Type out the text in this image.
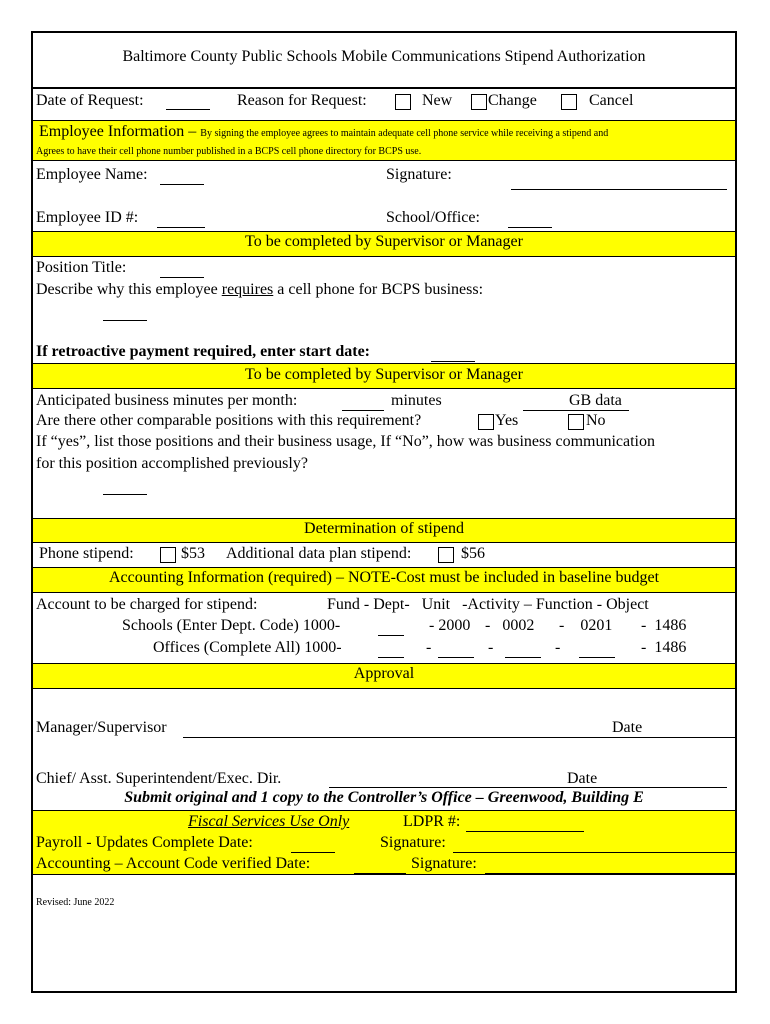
Baltimore County Public Schools Mobile Communications Stipend Authorization
Date of Request:	Reason for Request:	New Change	Cancel
Employee Information – By signing the employee agrees to maintain adequate cell phone service while receiving a stipend and
Agrees to have their cell phone number published in a BCPS cell phone directory for BCPS use.
Employee Name:	Signature:
Employee ID #:	School/Office:
To be completed by Supervisor or Manager
Position Title:
Describe why this employee requires a cell phone for BCPS business:
If retroactive payment required, enter start date:
To be completed by Supervisor or Manager
Anticipated business minutes per month:	minutes	GB data
Are there other comparable positions with this requirement?	Yes	No
If “yes”, list those positions and their business usage, If “No”, how was business communication
for this position accomplished previously?
Determination of stipend
Phone stipend:	$53 Additional data plan stipend:	$56
Accounting Information (required) – NOTE-Cost must be included in baseline budget
Account to be charged for stipend:	Fund - Dept-   Unit   -Activity – Function - Object
Schools (Enter Dept. Code) 1000-	- 2000 -   0002 -    0201 -  1486
Offices (Complete All) 1000-	-	-	-	-  1486
Approval
Manager/Supervisor	Date
Chief/ Asst. Superintendent/Exec. Dir.	Date
Submit original and 1 copy to the Controller’s Office – Greenwood, Building E
Fiscal Services Use Only	LDPR #:
Payroll - Updates Complete Date:	Signature:
Accounting – Account Code verified Date:	Signature:
Revised: June 2022
